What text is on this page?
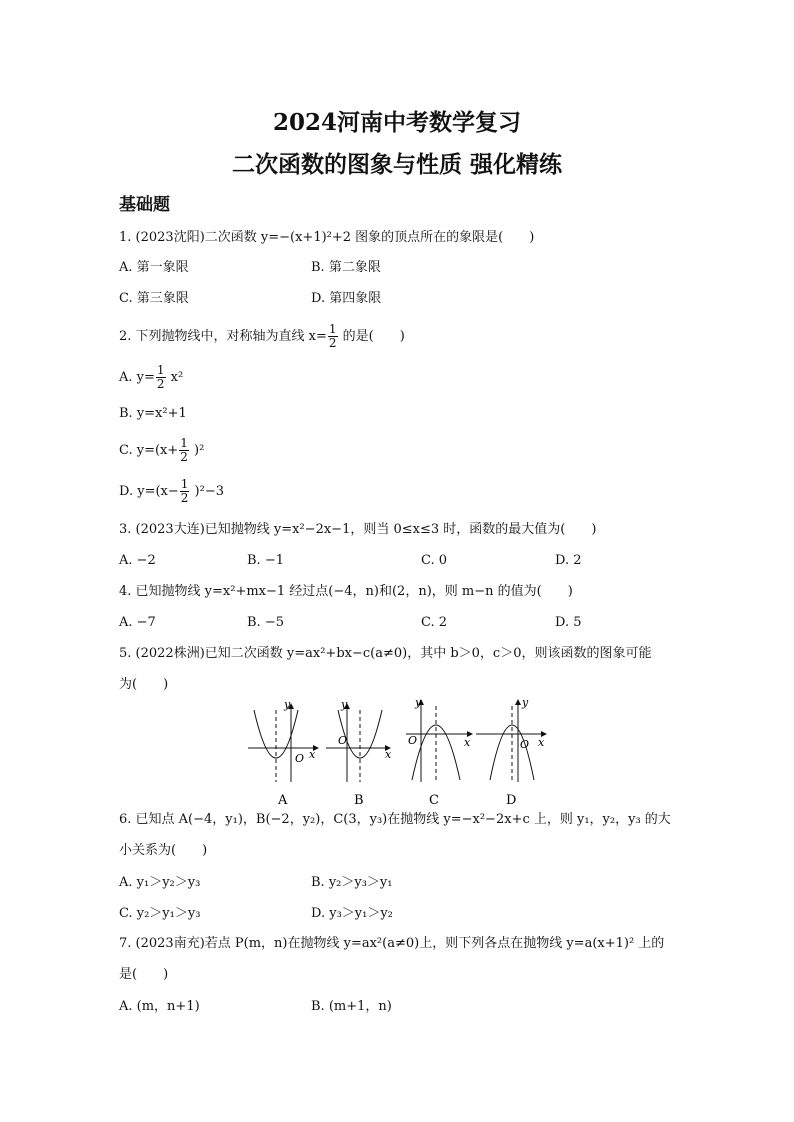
2024河南中考数学复习
二次函数的图象与性质 强化精练
基础题
1. (2023沈阳)二次函数 y=−(x+1)²+2 图象的顶点所在的象限是(　　)
A. 第一象限	B. 第二象限
C. 第三象限	D. 第四象限
2. 下列抛物线中，对称轴为直线 $x= \frac{1}{2}$ 的是(　　)
A. $y= \frac{1}{2} x^2$
B. y=x²+1
C. $y=(x+ \frac{1}{2} )^2$
D. $y=(x- \frac{1}{2} )^2-3$
3. (2023大连)已知抛物线 y=x²−2x−1，则当 0≤x≤3 时，函数的最大值为(　　)
A. −2	B. −1	C. 0	D. 2
4. 已知抛物线 y=x²+mx−1 经过点(−4，n)和(2，n)，则 m−n 的值为(　　)
A. −7	B. −5	C. 2	D. 5
5. (2022株洲)已知二次函数 y=ax²+bx−c(a≠0)，其中 b＞0，c＞0，则该函数的图象可能
为(　　)
y
x
O
A
y
x
O
B
y
x
O
C
y
x
O
D
6. 已知点 A(−4，y₁)，B(−2，y₂)，C(3，y₃)在抛物线 y=−x²−2x+c 上，则 y₁，y₂，y₃ 的大
小关系为(　　)
A. y₁＞y₂＞y₃	B. y₂＞y₃＞y₁
C. y₂＞y₁＞y₃	D. y₃＞y₁＞y₂
7. (2023南充)若点 P(m，n)在抛物线 y=ax²(a≠0)上，则下列各点在抛物线 y=a(x+1)² 上的
是(　　)
A. (m，n+1)	B. (m+1，n)
